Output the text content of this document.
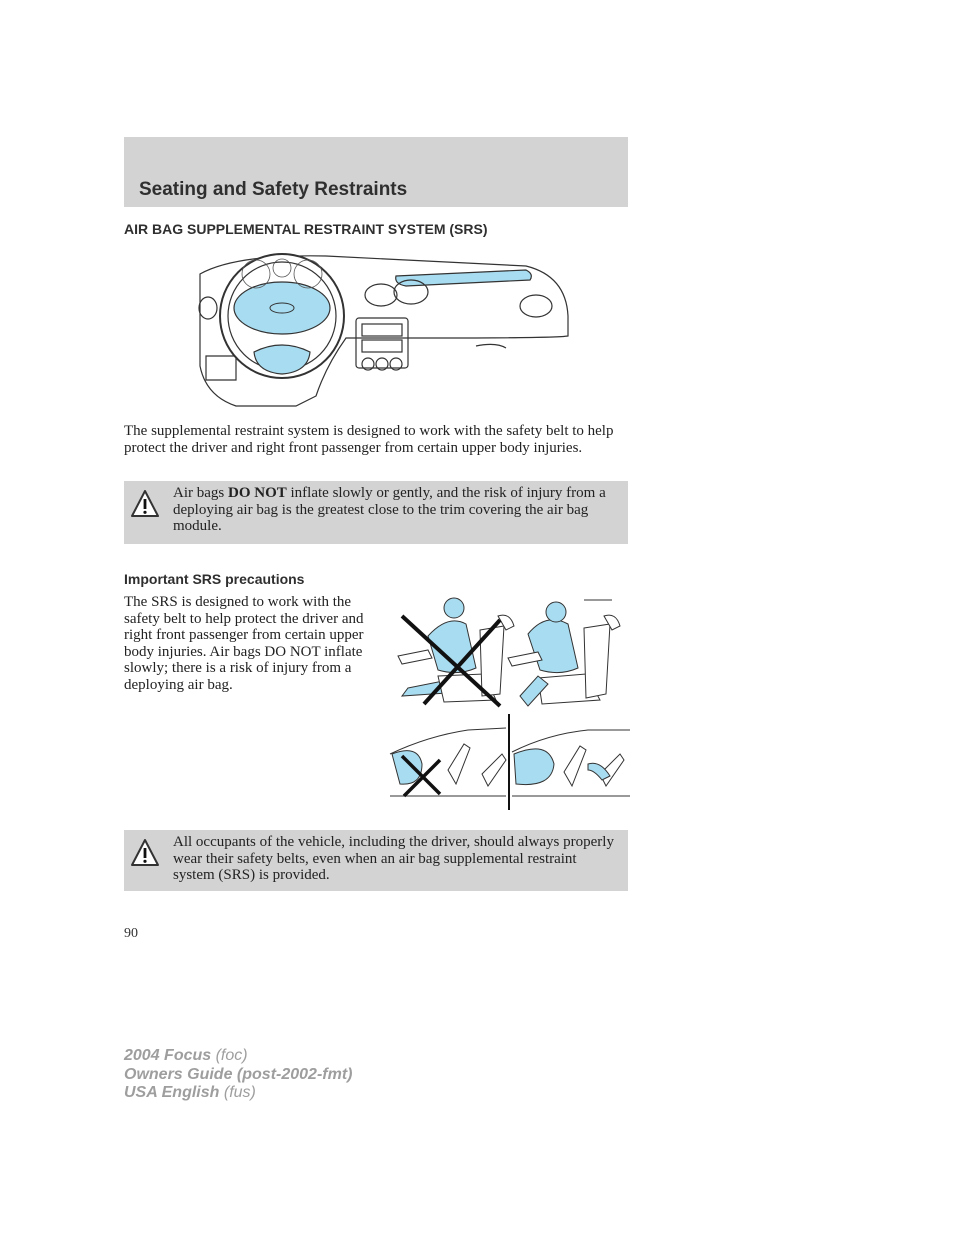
Seating and Safety Restraints
AIR BAG SUPPLEMENTAL RESTRAINT SYSTEM (SRS)

The supplemental restraint system is designed to work with the safety belt to help protect the driver and right front passenger from certain upper body injuries.

Air bags DO NOT inflate slowly or gently, and the risk of injury from a deploying air bag is the greatest close to the trim covering the air bag module.

Important SRS precautions

The SRS is designed to work with the safety belt to help protect the driver and right front passenger from certain upper body injuries. Air bags DO NOT inflate slowly; there is a risk of injury from a deploying air bag.

All occupants of the vehicle, including the driver, should always properly wear their safety belts, even when an air bag supplemental restraint system (SRS) is provided.

90

2004 Focus (foc)
Owners Guide (post-2002-fmt)
USA English (fus)
